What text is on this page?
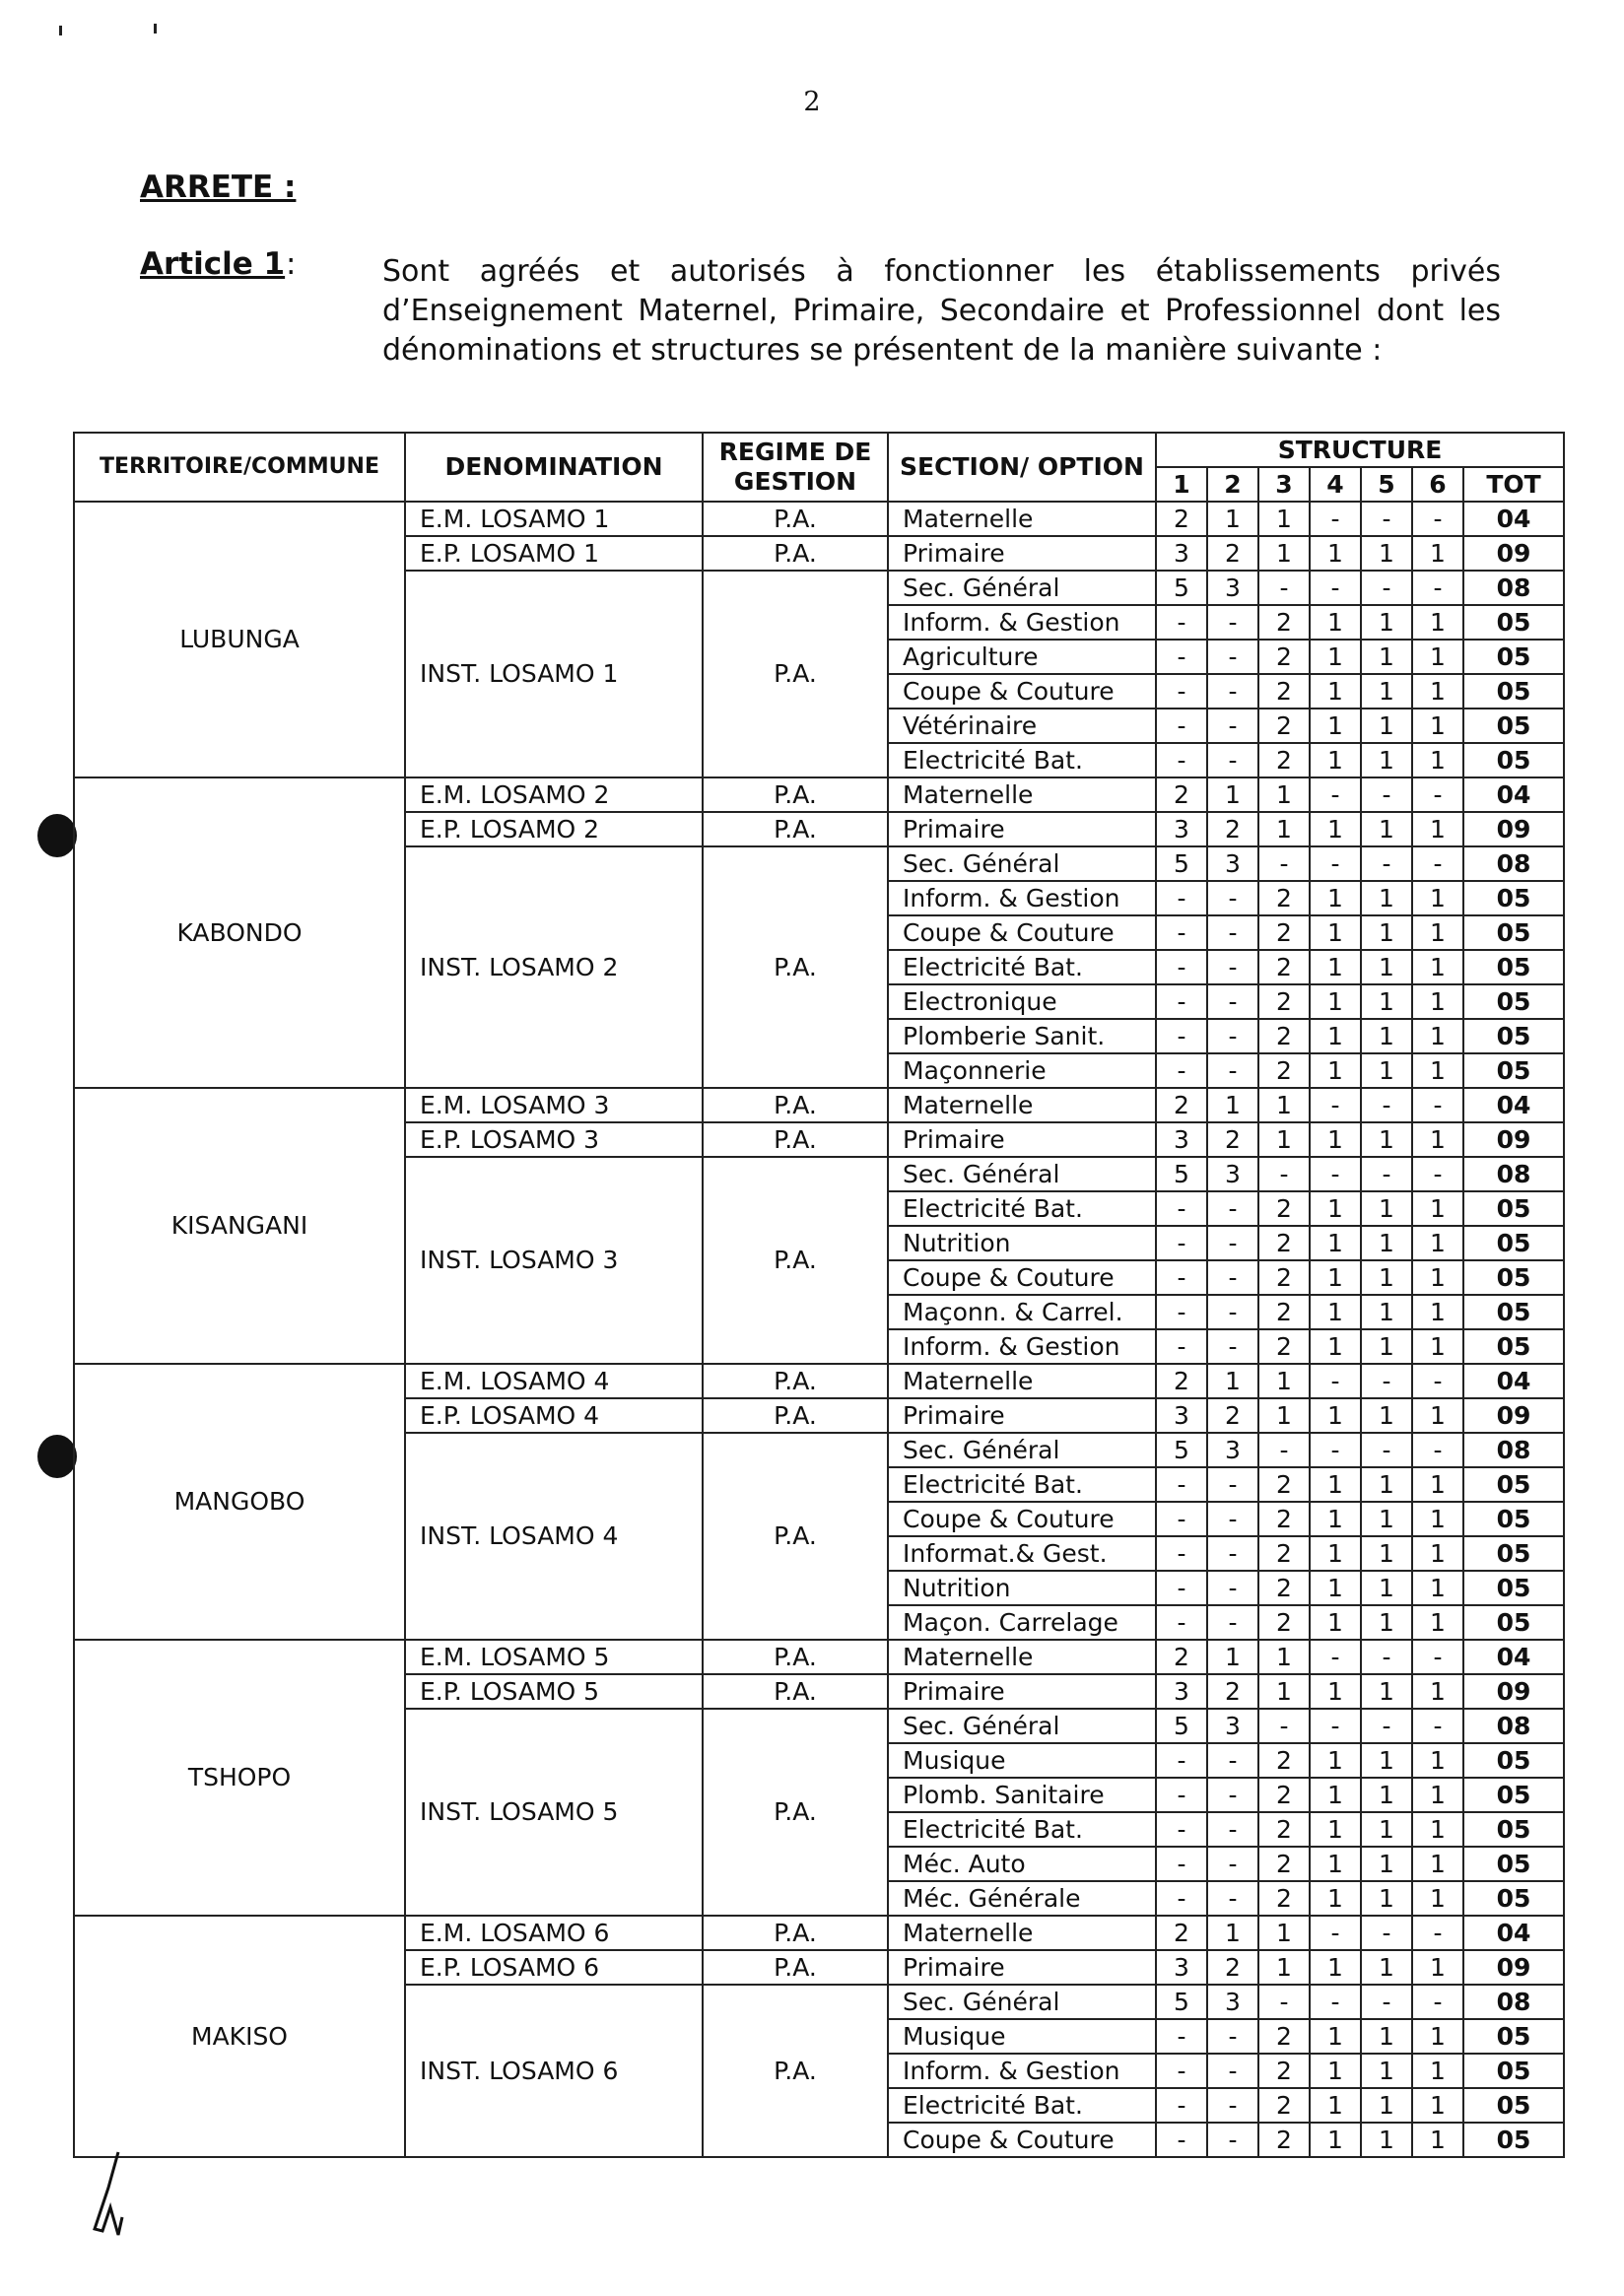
2
ARRETE :
Article 1 :	Sont agréés et autorisés à fonctionner les établissements privés d’Enseignement Maternel, Primaire, Secondaire et Professionnel dont les dénominations et structures se présentent de la manière suivante :
TERRITOIRE/COMMUNE	DENOMINATION	REGIME DE GESTION	SECTION/ OPTION	STRUCTURE						
				1	2	3	4	5	6	TOT
LUBUNGA	E.M. LOSAMO 1	P.A.	Maternelle	2	1	1	-	-	-	04
	E.P. LOSAMO 1	P.A.	Primaire	3	2	1	1	1	1	09
	INST. LOSAMO 1	P.A.	Sec. Général	5	3	-	-	-	-	08
			Inform. & Gestion	-	-	2	1	1	1	05
			Agriculture	-	-	2	1	1	1	05
			Coupe & Couture	-	-	2	1	1	1	05
			Vétérinaire	-	-	2	1	1	1	05
			Electricité Bat.	-	-	2	1	1	1	05
KABONDO	E.M. LOSAMO 2	P.A.	Maternelle	2	1	1	-	-	-	04
	E.P. LOSAMO 2	P.A.	Primaire	3	2	1	1	1	1	09
	INST. LOSAMO 2	P.A.	Sec. Général	5	3	-	-	-	-	08
			Inform. & Gestion	-	-	2	1	1	1	05
			Coupe & Couture	-	-	2	1	1	1	05
			Electricité Bat.	-	-	2	1	1	1	05
			Electronique	-	-	2	1	1	1	05
			Plomberie Sanit.	-	-	2	1	1	1	05
			Maçonnerie	-	-	2	1	1	1	05
KISANGANI	E.M. LOSAMO 3	P.A.	Maternelle	2	1	1	-	-	-	04
	E.P. LOSAMO 3	P.A.	Primaire	3	2	1	1	1	1	09
	INST. LOSAMO 3	P.A.	Sec. Général	5	3	-	-	-	-	08
			Electricité Bat.	-	-	2	1	1	1	05
			Nutrition	-	-	2	1	1	1	05
			Coupe & Couture	-	-	2	1	1	1	05
			Maçonn. & Carrel.	-	-	2	1	1	1	05
			Inform. & Gestion	-	-	2	1	1	1	05
MANGOBO	E.M. LOSAMO 4	P.A.	Maternelle	2	1	1	-	-	-	04
	E.P. LOSAMO 4	P.A.	Primaire	3	2	1	1	1	1	09
	INST. LOSAMO 4	P.A.	Sec. Général	5	3	-	-	-	-	08
			Electricité Bat.	-	-	2	1	1	1	05
			Coupe & Couture	-	-	2	1	1	1	05
			Informat.& Gest.	-	-	2	1	1	1	05
			Nutrition	-	-	2	1	1	1	05
			Maçon. Carrelage	-	-	2	1	1	1	05
TSHOPO	E.M. LOSAMO 5	P.A.	Maternelle	2	1	1	-	-	-	04
	E.P. LOSAMO 5	P.A.	Primaire	3	2	1	1	1	1	09
	INST. LOSAMO 5	P.A.	Sec. Général	5	3	-	-	-	-	08
			Musique	-	-	2	1	1	1	05
			Plomb. Sanitaire	-	-	2	1	1	1	05
			Electricité Bat.	-	-	2	1	1	1	05
			Méc. Auto	-	-	2	1	1	1	05
			Méc. Générale	-	-	2	1	1	1	05
MAKISO	E.M. LOSAMO 6	P.A.	Maternelle	2	1	1	-	-	-	04
	E.P. LOSAMO 6	P.A.	Primaire	3	2	1	1	1	1	09
	INST. LOSAMO 6	P.A.	Sec. Général	5	3	-	-	-	-	08
			Musique	-	-	2	1	1	1	05
			Inform. & Gestion	-	-	2	1	1	1	05
			Electricité Bat.	-	-	2	1	1	1	05
			Coupe & Couture	-	-	2	1	1	1	05
